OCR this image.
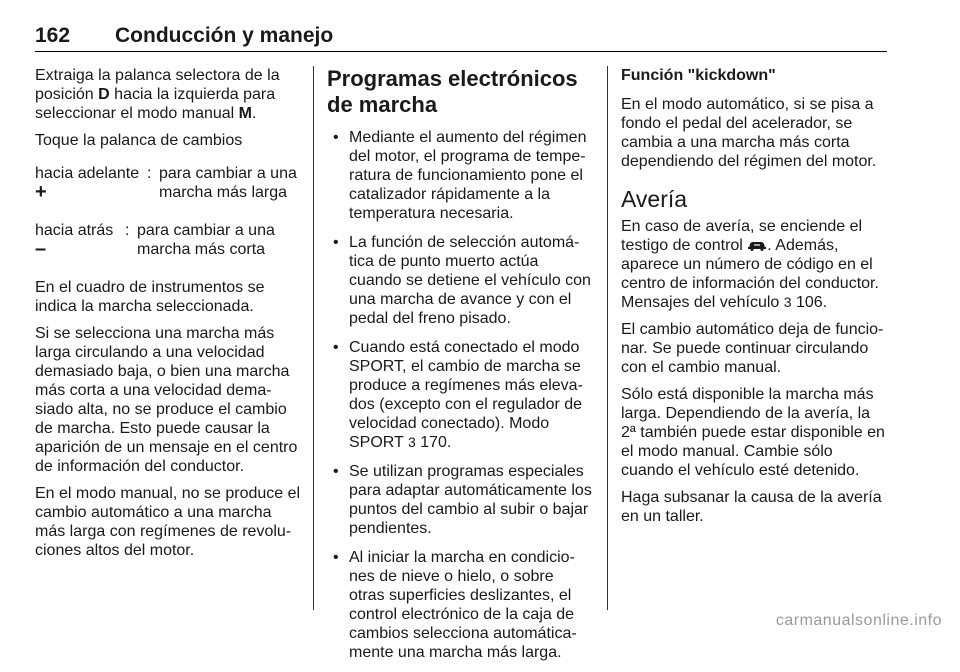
162 Conducción y manejo

Extraiga la palanca selectora de la posición D hacia la izquierda para seleccionar el modo manual M.

Toque la palanca de cambios

hacia adelante +
: para cambiar a una marcha más larga
hacia atrás –
: para cambiar a una marcha más corta

En el cuadro de instrumentos se indica la marcha seleccionada.

Si se selecciona una marcha más larga circulando a una velocidad demasiado baja, o bien una marcha más corta a una velocidad demasiado alta, no se produce el cambio de marcha. Esto puede causar la aparición de un mensaje en el centro de información del conductor.

En el modo manual, no se produce el cambio automático a una marcha más larga con regímenes de revoluciones altos del motor.

Programas electrónicos de marcha
• Mediante el aumento del régimen del motor, el programa de temperatura de funcionamiento pone el catalizador rápidamente a la temperatura necesaria.
• La función de selección automática de punto muerto actúa cuando se detiene el vehículo con una marcha de avance y con el pedal del freno pisado.
• Cuando está conectado el modo SPORT, el cambio de marcha se produce a regímenes más elevados (excepto con el regulador de velocidad conectado). Modo SPORT 3 170.
• Se utilizan programas especiales para adaptar automáticamente los puntos del cambio al subir o bajar pendientes.
• Al iniciar la marcha en condiciones de nieve o hielo, o sobre otras superficies deslizantes, el control electrónico de la caja de cambios selecciona automáticamente una marcha más larga.
Función "kickdown"

En el modo automático, si se pisa a fondo el pedal del acelerador, se cambia a una marcha más corta dependiendo del régimen del motor.

Avería

En caso de avería, se enciende el testigo de control . Además, aparece un número de código en el centro de información del conductor. Mensajes del vehículo 3 106.

El cambio automático deja de funcionar. Se puede continuar circulando con el cambio manual.

Sólo está disponible la marcha más larga. Dependiendo de la avería, la 2ª también puede estar disponible en el modo manual. Cambie sólo cuando el vehículo esté detenido.

Haga subsanar la causa de la avería en un taller.

carmanualsonline.info
